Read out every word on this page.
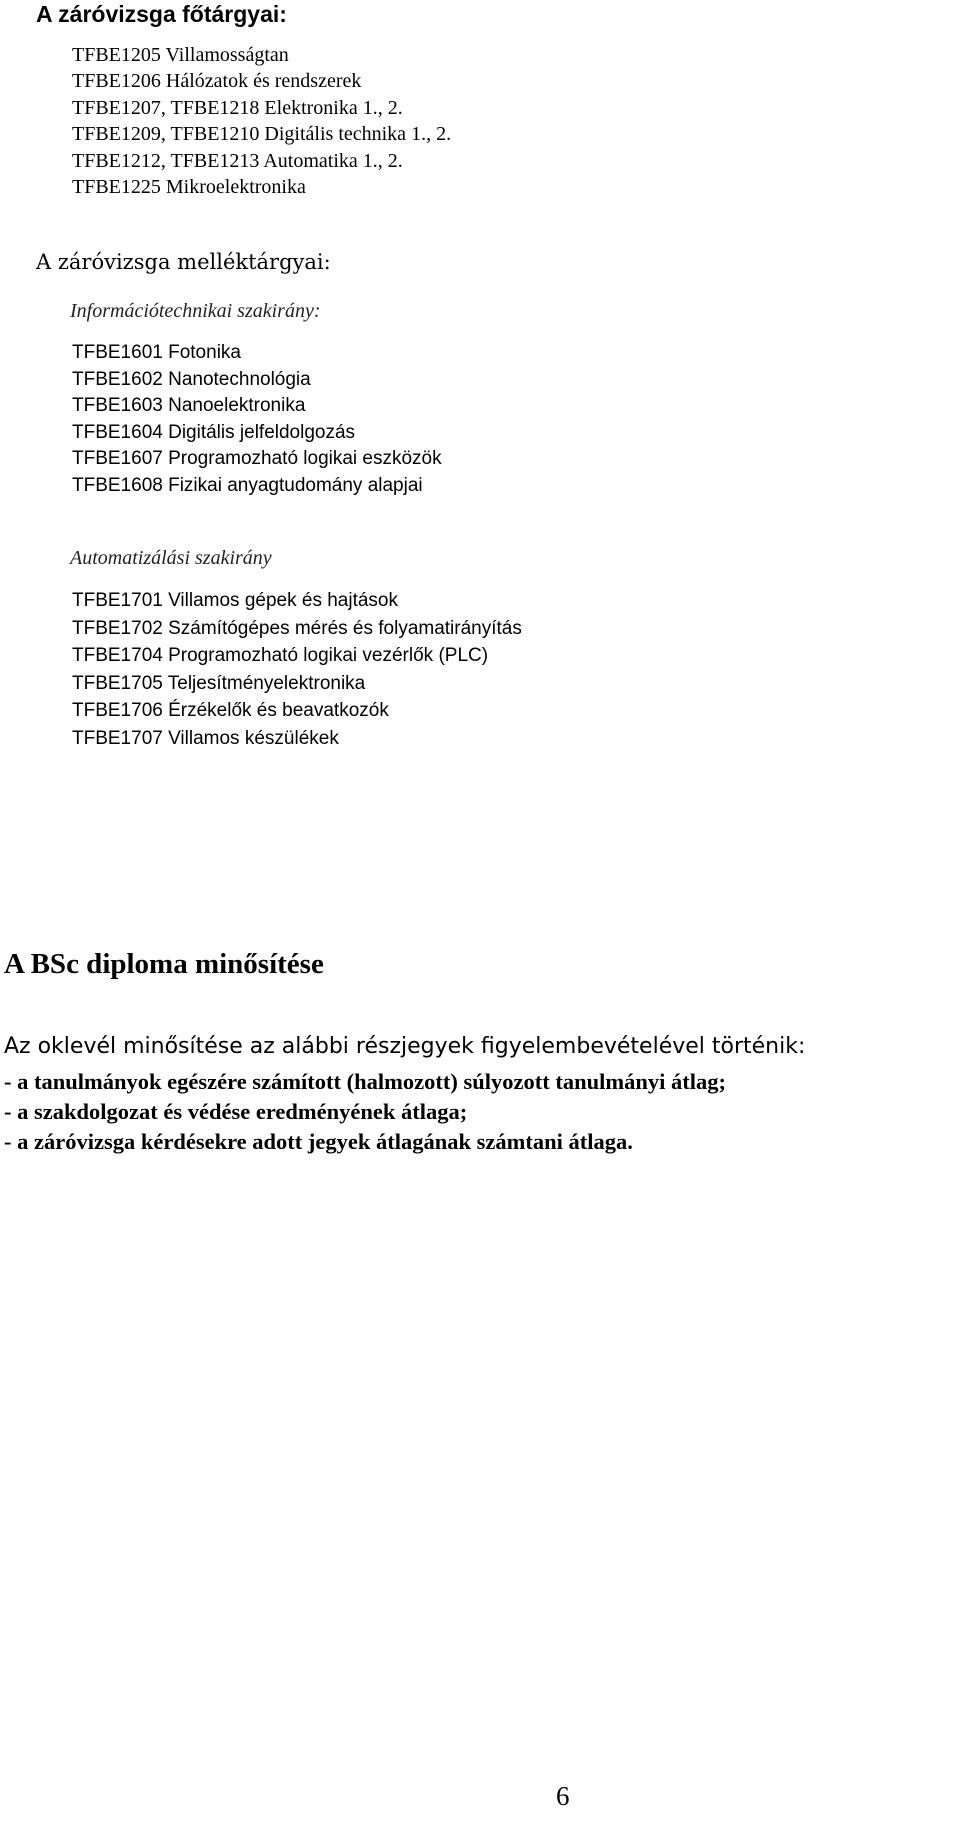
A záróvizsga főtárgyai:
TFBE1205 Villamosságtan
TFBE1206 Hálózatok és rendszerek
TFBE1207, TFBE1218 Elektronika 1., 2.
TFBE1209, TFBE1210 Digitális technika 1., 2.
TFBE1212, TFBE1213 Automatika 1., 2.
TFBE1225 Mikroelektronika
A záróvizsga melléktárgyai:
Információtechnikai szakirány:
TFBE1601 Fotonika
TFBE1602 Nanotechnológia
TFBE1603 Nanoelektronika
TFBE1604 Digitális jelfeldolgozás
TFBE1607 Programozható logikai eszközök
TFBE1608 Fizikai anyagtudomány alapjai
Automatizálási szakirány
TFBE1701 Villamos gépek és hajtások
TFBE1702 Számítógépes mérés és folyamatirányítás
TFBE1704 Programozható logikai vezérlők (PLC)
TFBE1705 Teljesítményelektronika
TFBE1706 Érzékelők és beavatkozók
TFBE1707 Villamos készülékek
A BSc diploma minősítése

Az oklevél minősítése az alábbi részjegyek figyelembevételével történik:

- a tanulmányok egészére számított (halmozott) súlyozott tanulmányi átlag;
- a szakdolgozat és védése eredményének átlaga;
- a záróvizsga kérdésekre adott jegyek átlagának számtani átlaga.
6
